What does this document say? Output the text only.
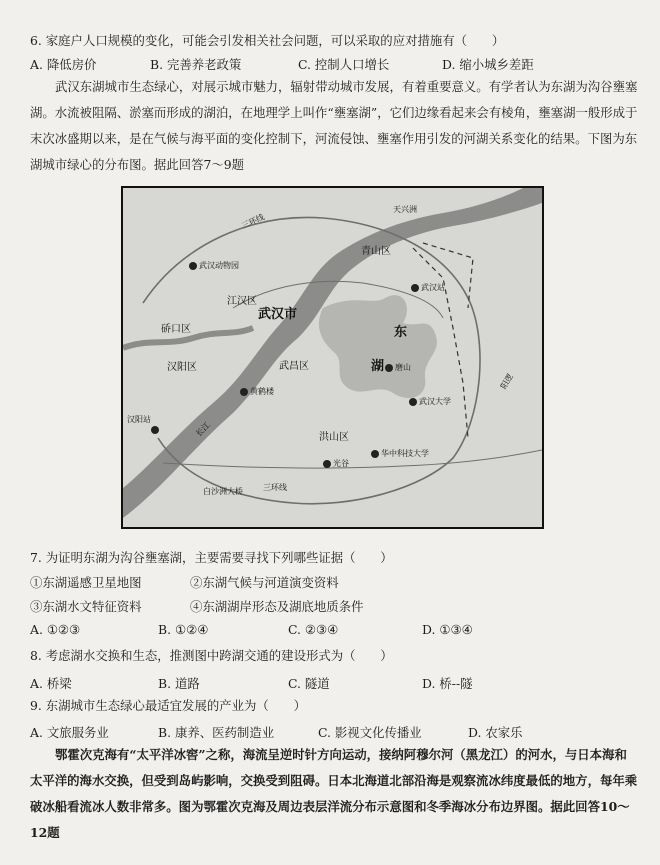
6. 家庭户人口规模的变化，可能会引发相关社会问题，可以采取的应对措施有（　　）
A. 降低房价	B. 完善养老政策	C. 控制人口增长	D. 缩小城乡差距
武汉东湖城市生态绿心，对展示城市魅力，辐射带动城市发展，有着重要意义。有学者认为东湖为沟谷壅塞湖。水流被阻隔、淤塞而形成的湖泊，在地理学上叫作“壅塞湖”，它们边缘看起来会有棱角，壅塞湖一般形成于末次冰盛期以来，是在气候与海平面的变化控制下，河流侵蚀、壅塞作用引发的河湖关系变化的结果。下图为东湖城市绿心的分布图。据此回答7～9题
武汉市
东
湖
江汉区
硚口区
汉阳区	武昌区
青山区
洪山区
三环线
三环线
武汉动物园
黄鹤楼
武汉站
汉阳站
武汉大学
华中科技大学
光谷
磨山
天兴洲
阳逻
白沙洲大桥
长江
7. 为证明东湖为沟谷壅塞湖，主要需要寻找下列哪些证据（　　）
①东湖遥感卫星地图	②东湖气候与河道演变资料
③东湖水文特征资料	④东湖湖岸形态及湖底地质条件
A. ①②③	B. ①②④	C. ②③④	D. ①③④
8. 考虑湖水交换和生态，推测图中跨湖交通的建设形式为（　　）
A. 桥梁	B. 道路	C. 隧道	D. 桥--隧
9. 东湖城市生态绿心最适宜发展的产业为（　　）
A. 文旅服务业	B. 康养、医药制造业	C. 影视文化传播业	D. 农家乐
鄂霍次克海有“太平洋冰窖”之称，海流呈逆时针方向运动，接纳阿穆尔河（黑龙江）的河水，与日本海和太平洋的海水交换，但受到岛屿影响，交换受到阻碍。日本北海道北部沿海是观察流冰纬度最低的地方，每年乘破冰船看流冰人数非常多。图为鄂霍次克海及周边表层洋流分布示意图和冬季海冰分布边界图。据此回答10～12题
